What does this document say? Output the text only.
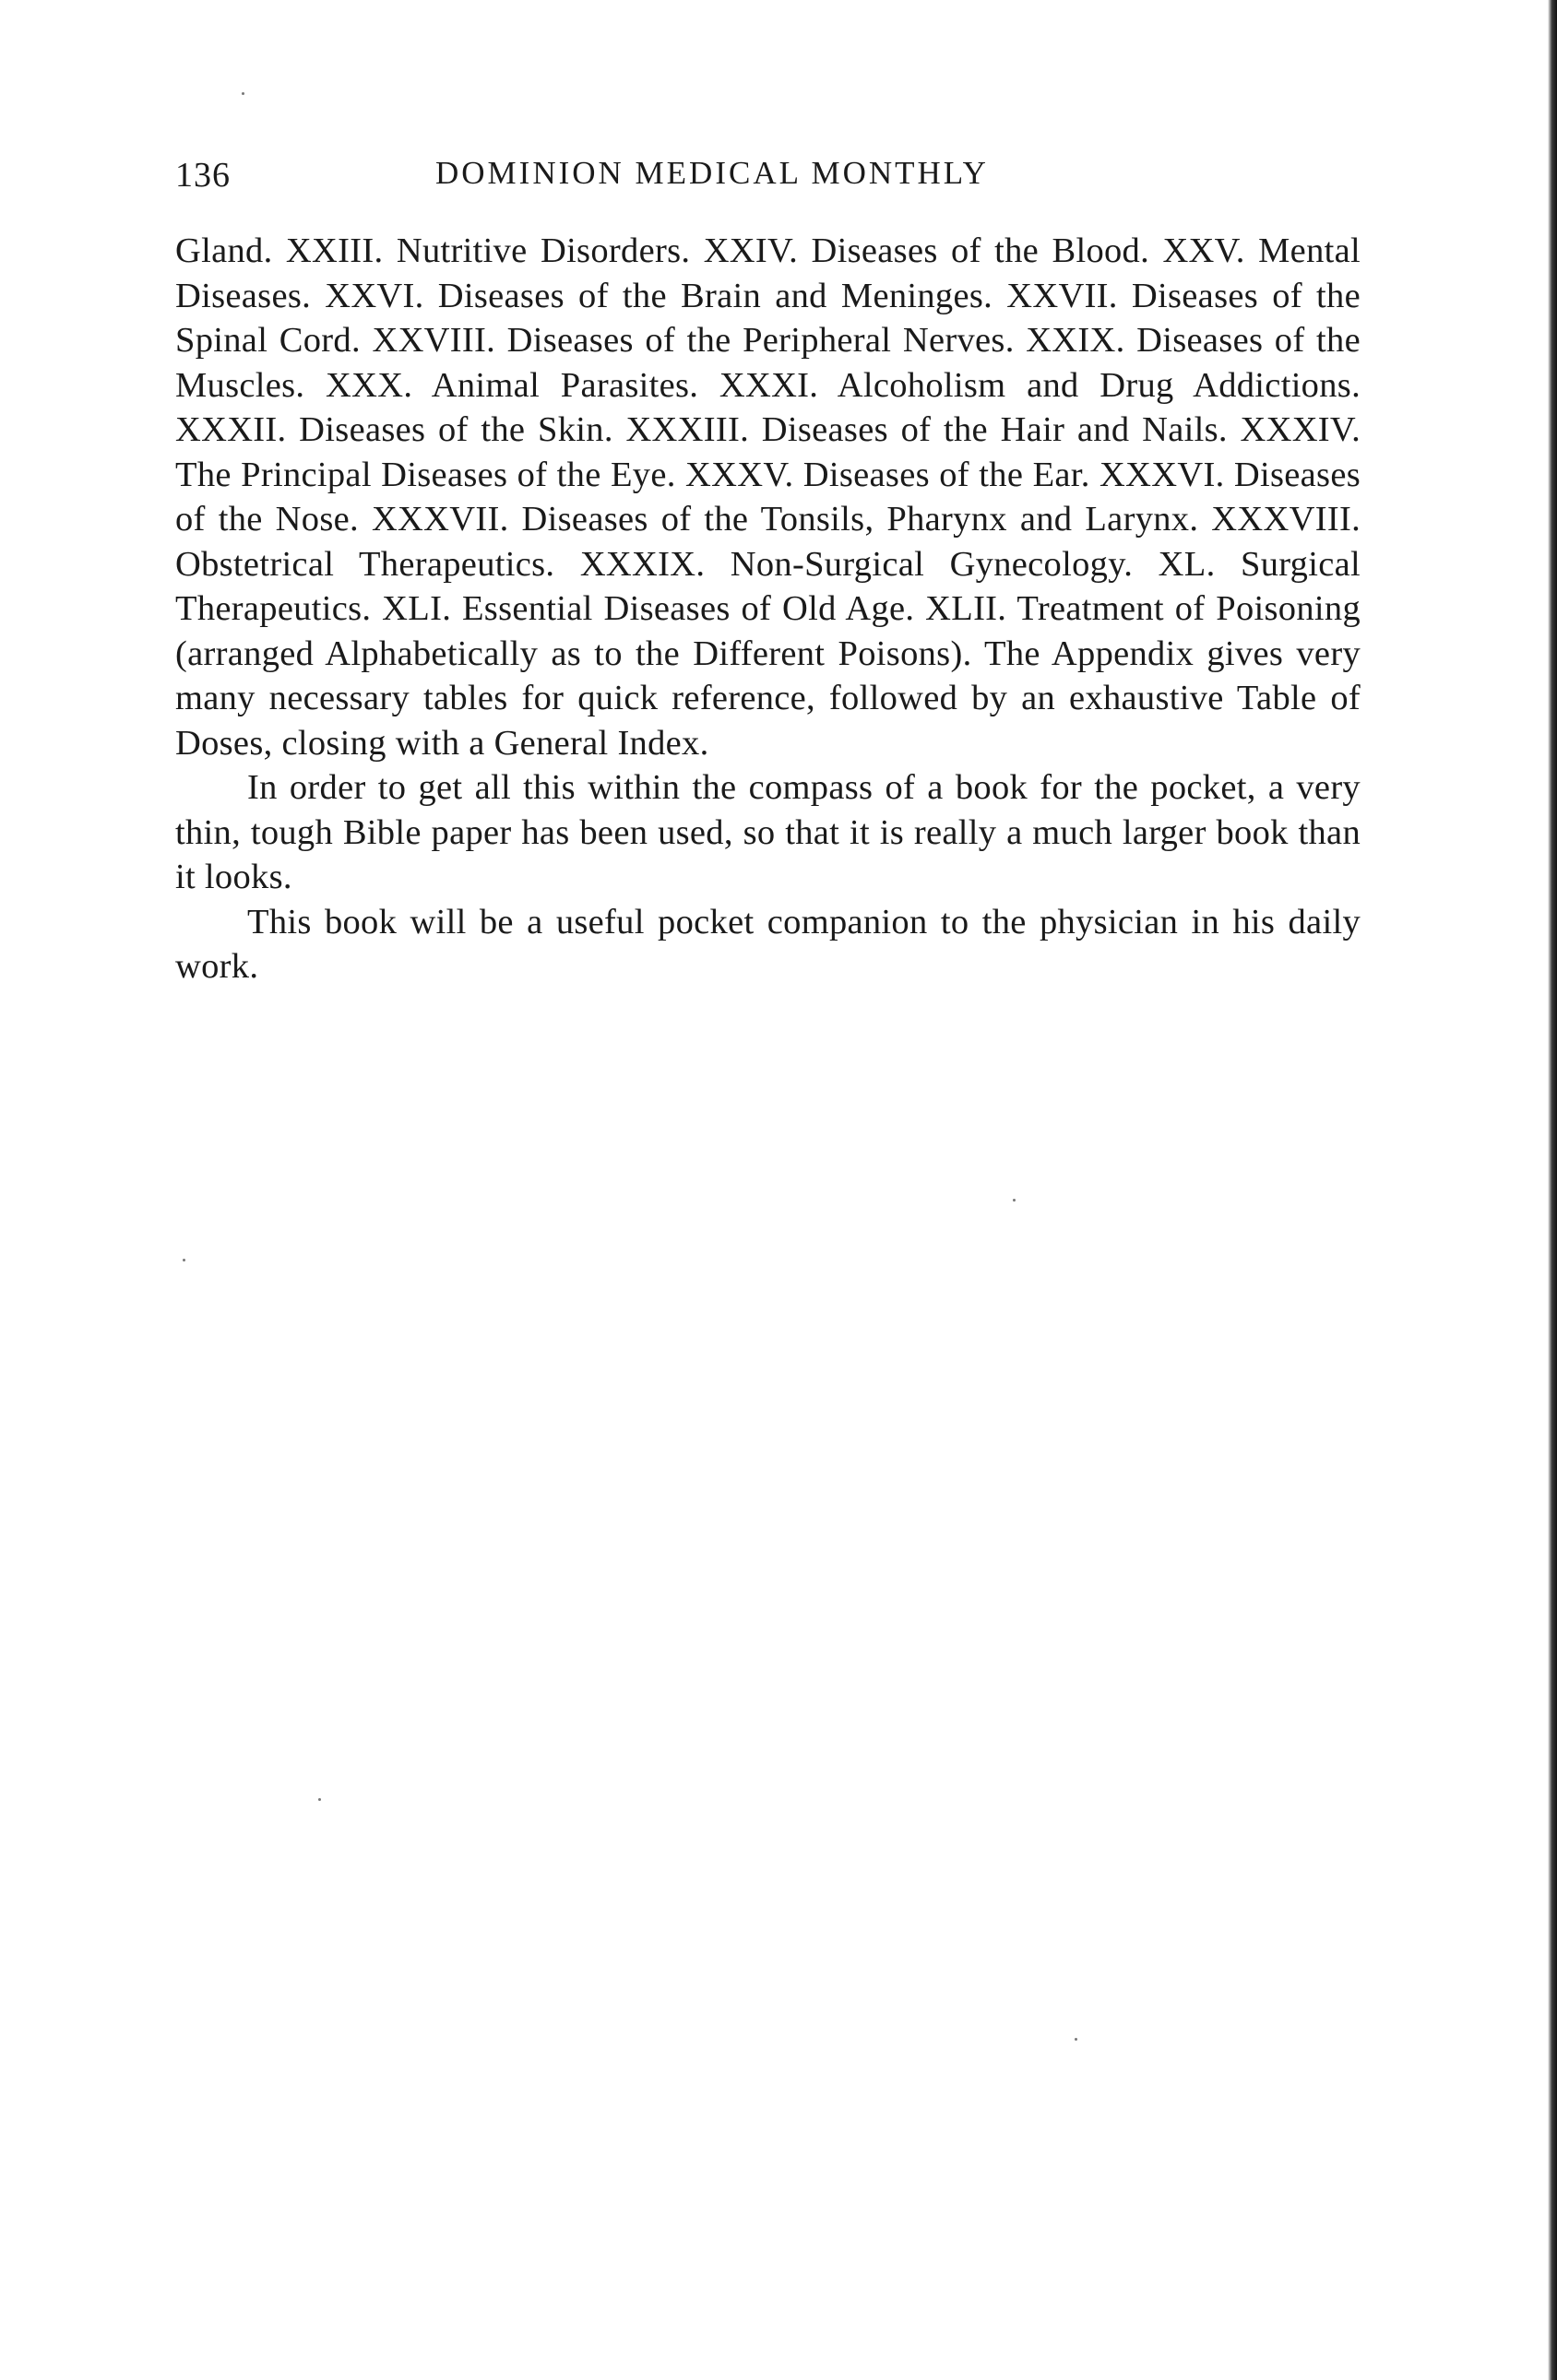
136	DOMINION MEDICAL MONTHLY

Gland. XXIII. Nutritive Disorders. XXIV. Diseases of the Blood. XXV. Mental Diseases. XXVI. Diseases of the Brain and Meninges. XXVII. Diseases of the Spinal Cord. XXVIII. Diseases of the Peripheral Nerves. XXIX. Diseases of the Muscles. XXX. Animal Parasites. XXXI. Alcoholism and Drug Addictions. XXXII. Diseases of the Skin. XXXIII. Diseases of the Hair and Nails. XXXIV. The Principal Diseases of the Eye. XXXV. Diseases of the Ear. XXXVI. Diseases of the Nose. XXXVII. Diseases of the Tonsils, Pharynx and Larynx. XXXVIII. Obstetrical Therapeutics. XXXIX. Non-Surgical Gynecology. XL. Surgical Therapeutics. XLI. Essential Diseases of Old Age. XLII. Treatment of Poisoning (arranged Alphabetically as to the Different Poisons). The Appendix gives very many necessary tables for quick reference, followed by an exhaustive Table of Doses, closing with a General Index.

In order to get all this within the compass of a book for the pocket, a very thin, tough Bible paper has been used, so that it is really a much larger book than it looks.

This book will be a useful pocket companion to the physician in his daily work.
